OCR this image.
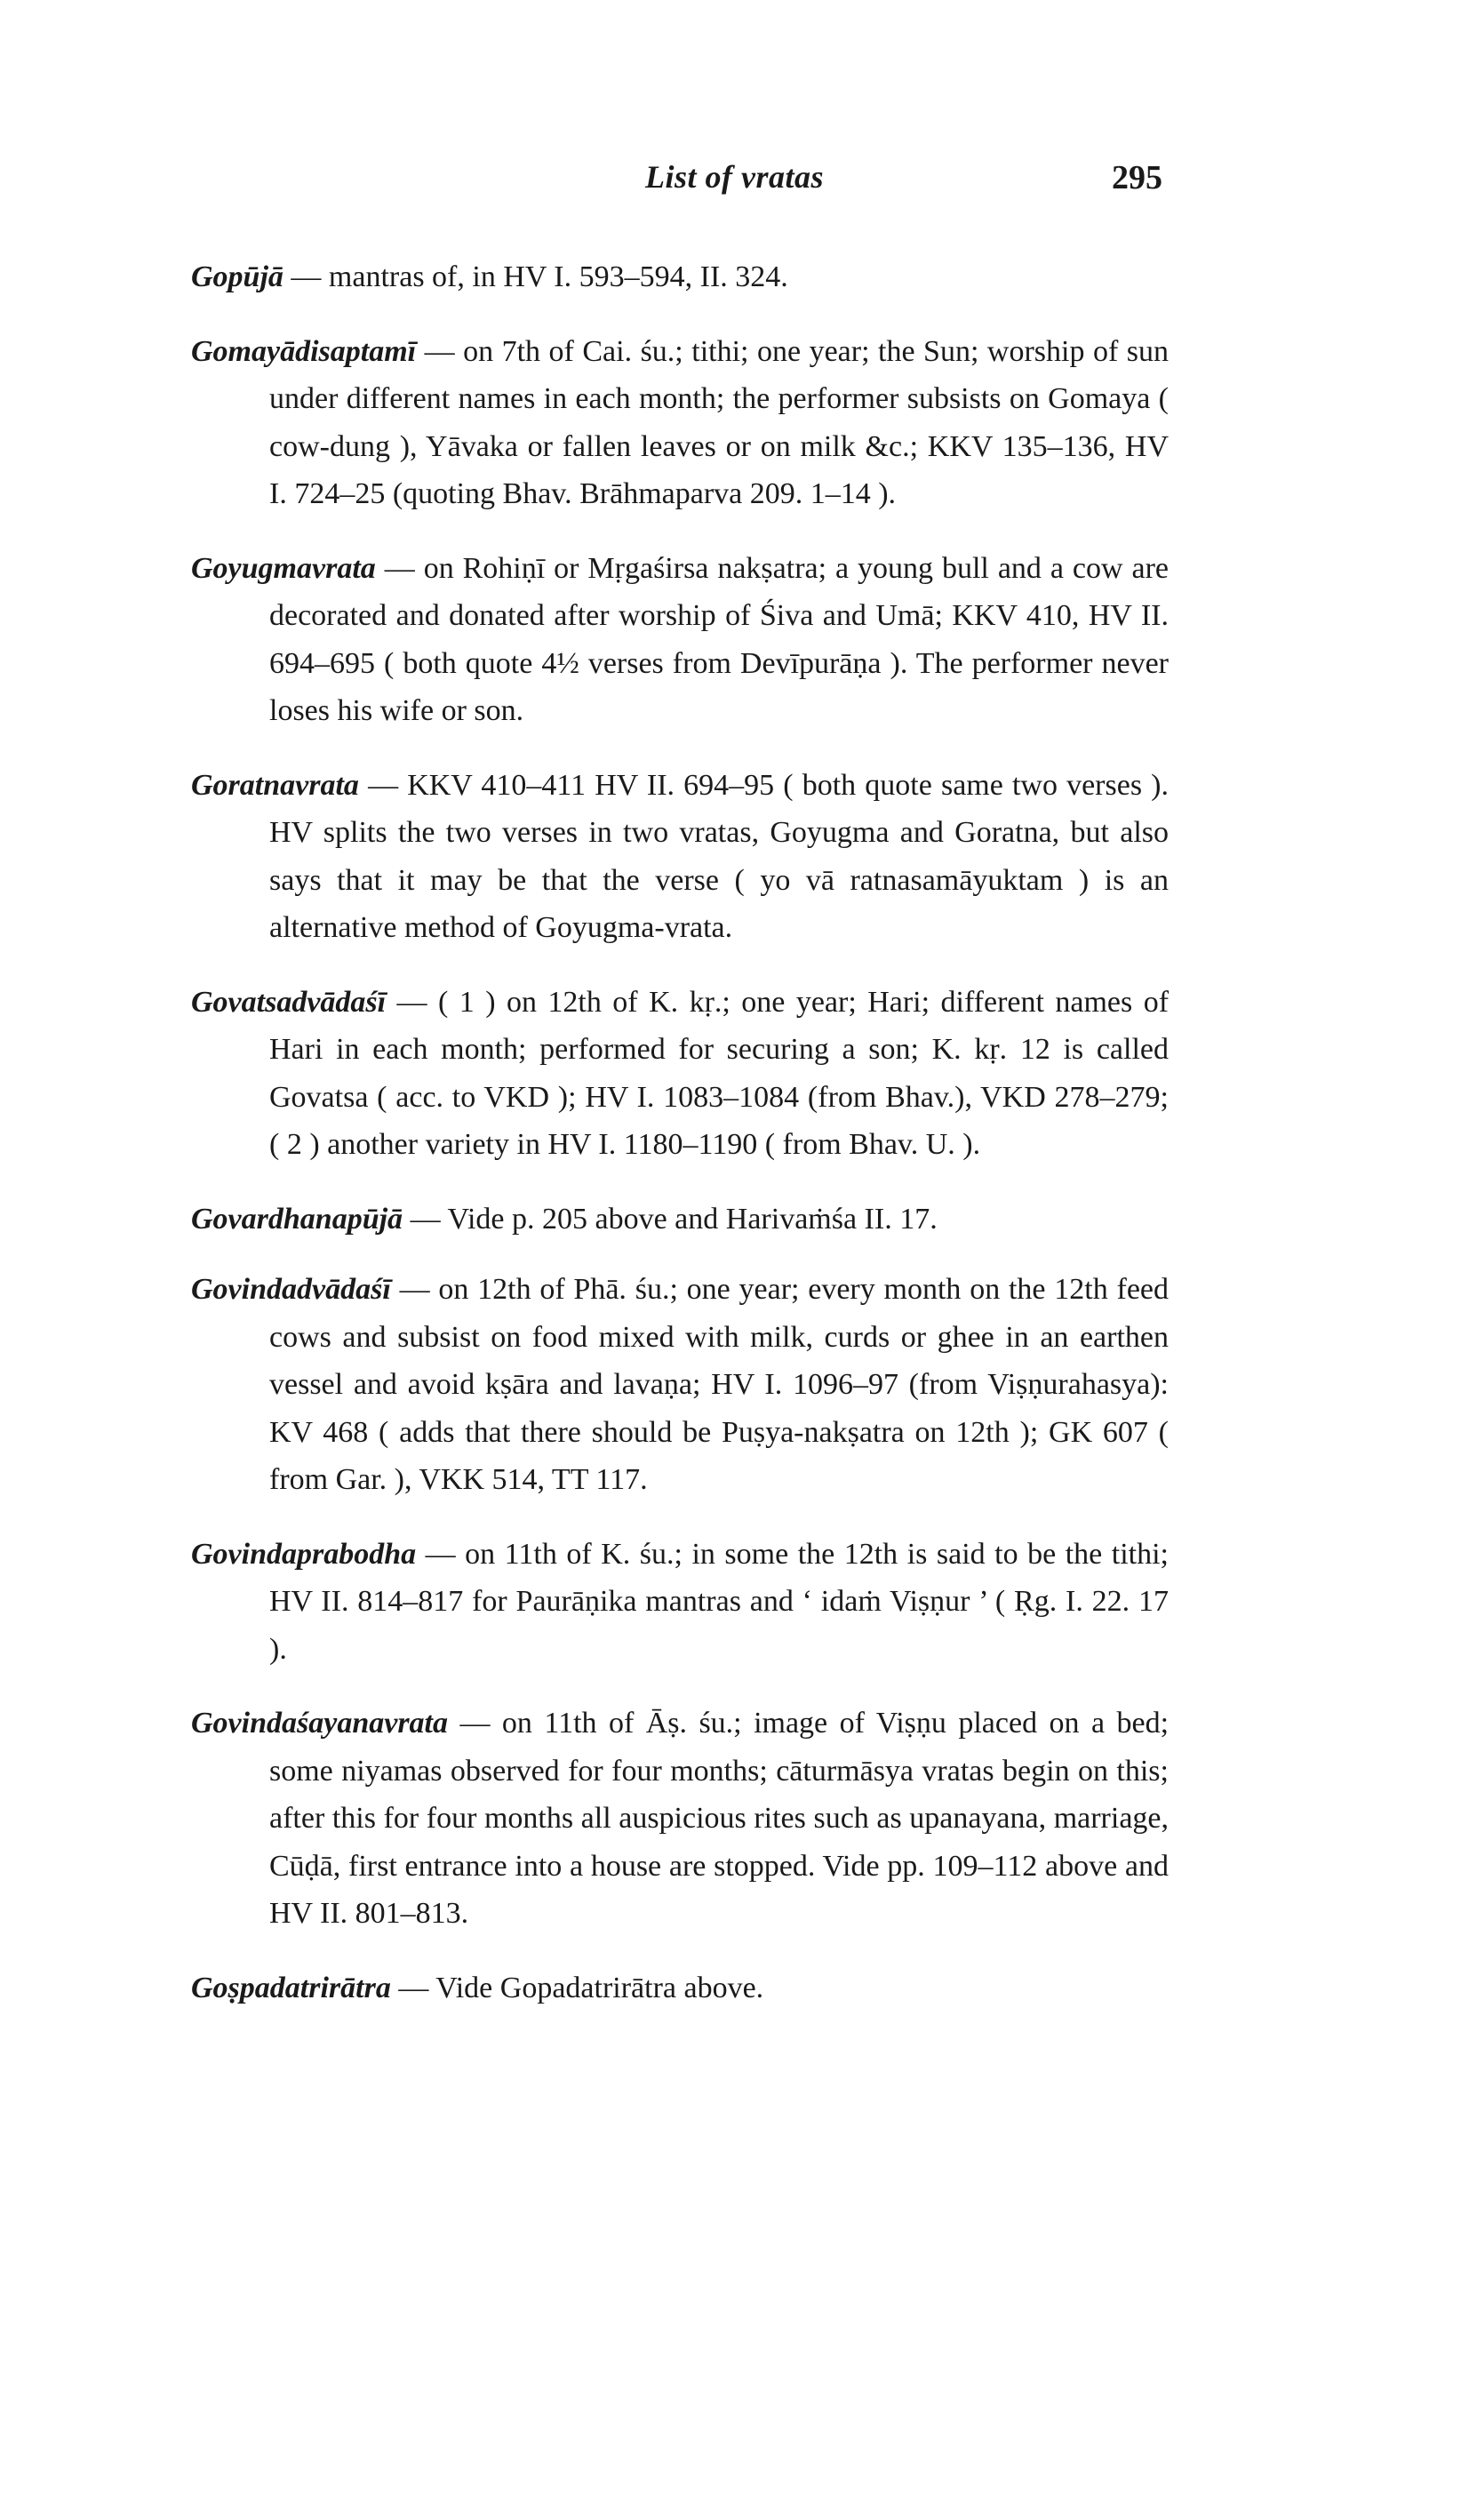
List of vratas	295

Gopūjā — mantras of, in HV I. 593–594, II. 324.

Gomayādisaptamī — on 7th of Cai. śu.; tithi; one year; the Sun; worship of sun under different names in each month; the performer subsists on Gomaya ( cow-dung ), Yāvaka or fallen leaves or on milk &c.; KKV 135–136, HV I. 724–25 (quoting Bhav. Brāhmaparva 209. 1–14 ).

Goyugmavrata — on Rohiṇī or Mṛgaśirsa nakṣatra; a young bull and a cow are decorated and donated after worship of Śiva and Umā; KKV 410, HV II. 694–695 ( both quote 4½ verses from Devīpurāṇa ). The performer never loses his wife or son.

Goratnavrata — KKV 410–411 HV II. 694–95 ( both quote same two verses ). HV splits the two verses in two vratas, Goyugma and Goratna, but also says that it may be that the verse ( yo vā ratnasamāyuktam ) is an alternative method of Goyugma-vrata.

Govatsadvādaśī — ( 1 ) on 12th of K. kṛ.; one year; Hari; different names of Hari in each month; performed for securing a son; K. kṛ. 12 is called Govatsa ( acc. to VKD ); HV I. 1083–1084 (from Bhav.), VKD 278–279; ( 2 ) another variety in HV I. 1180–1190 ( from Bhav. U. ).

Govardhanapūjā — Vide p. 205 above and Harivaṁśa II. 17.

Govindadvādaśī — on 12th of Phā. śu.; one year; every month on the 12th feed cows and subsist on food mixed with milk, curds or ghee in an earthen vessel and avoid kṣāra and lavaṇa; HV I. 1096–97 (from Viṣṇurahasya): KV 468 ( adds that there should be Puṣya-nakṣatra on 12th ); GK 607 ( from Gar. ), VKK 514, TT 117.

Govindaprabodha — on 11th of K. śu.; in some the 12th is said to be the tithi; HV II. 814–817 for Paurāṇika mantras and ‘ idaṁ Viṣṇur ’ ( Ṛg. I. 22. 17 ).

Govindaśayanavrata — on 11th of Āṣ. śu.; image of Viṣṇu placed on a bed; some niyamas observed for four months; cāturmāsya vratas begin on this; after this for four months all auspicious rites such as upanayana, marriage, Cūḍā, first entrance into a house are stopped. Vide pp. 109–112 above and HV II. 801–813.

Goṣpadatrirātra — Vide Gopadatrirātra above.
